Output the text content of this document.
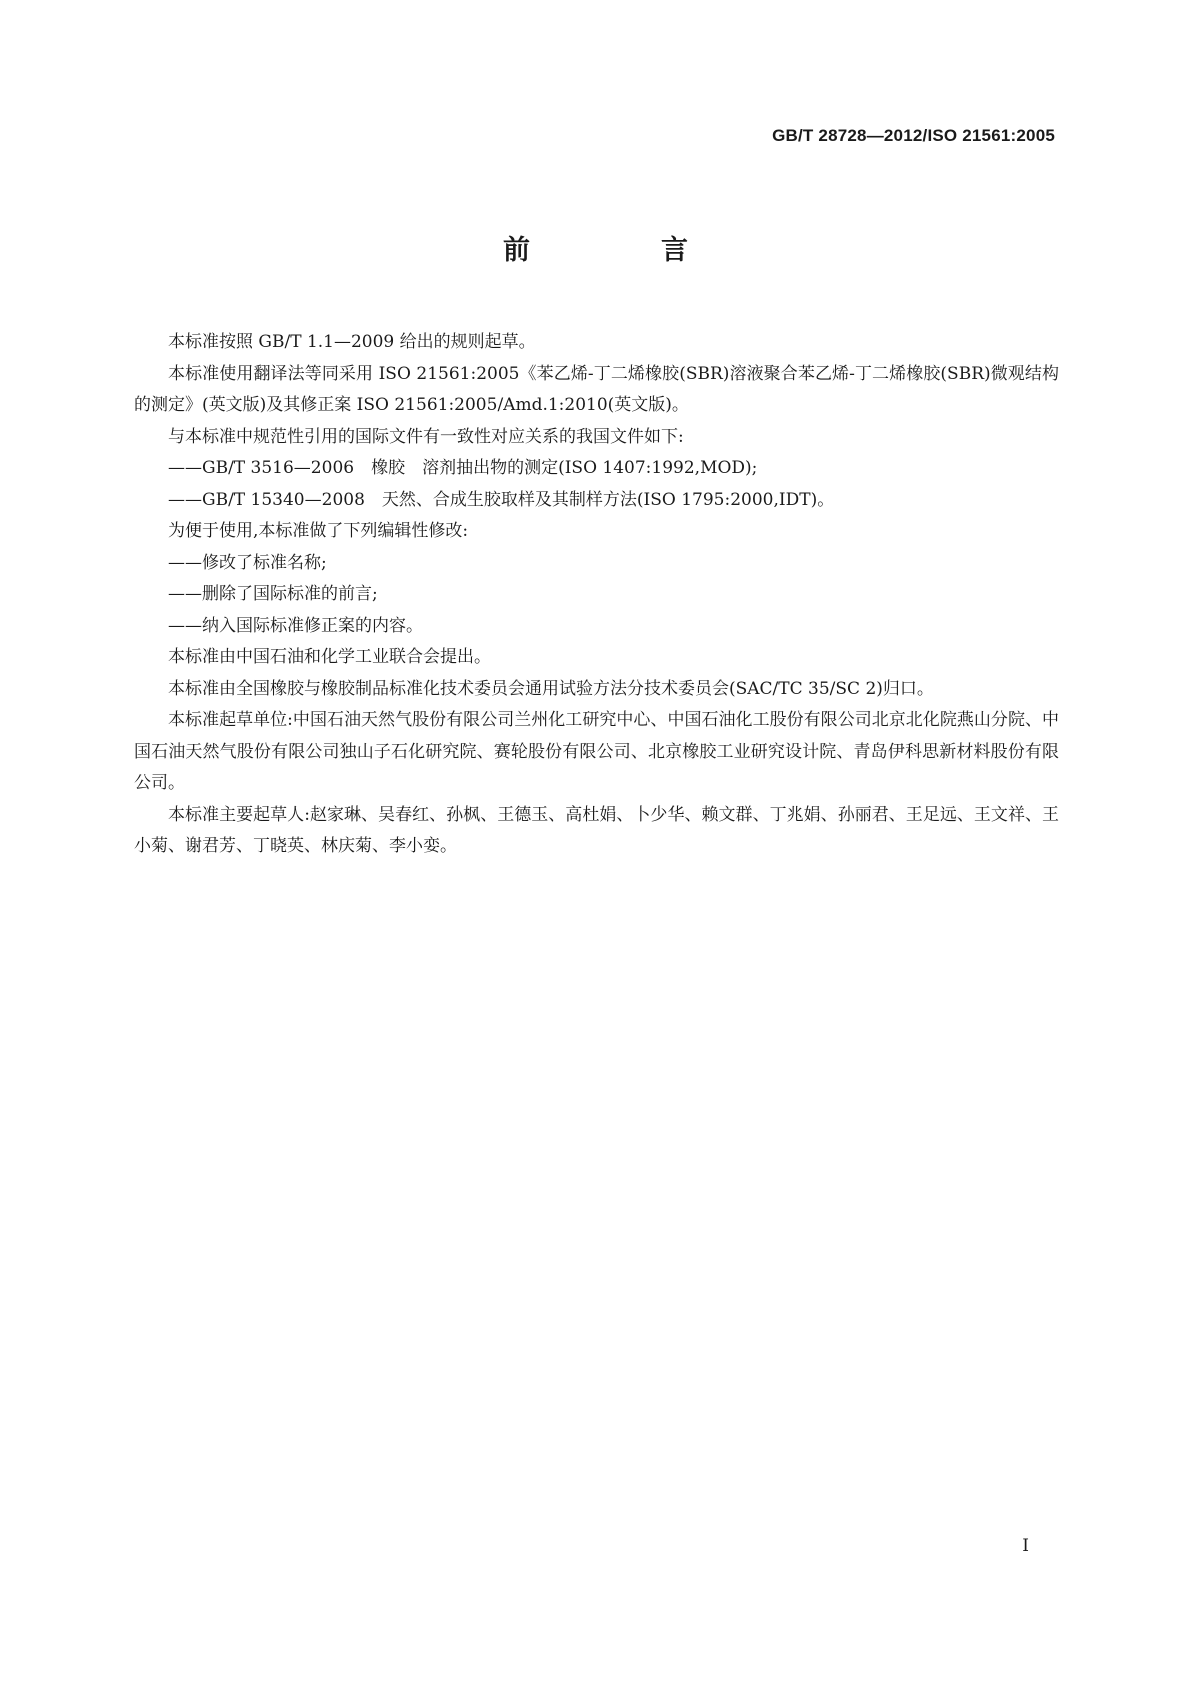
GB/T 28728—2012/ISO 21561:2005
前　言

本标准按照 GB/T 1.1—2009 给出的规则起草。

本标准使用翻译法等同采用 ISO 21561:2005《苯乙烯-丁二烯橡胶(SBR)溶液聚合苯乙烯-丁二烯橡胶(SBR)微观结构的测定》(英文版)及其修正案 ISO 21561:2005/Amd.1:2010(英文版)。

与本标准中规范性引用的国际文件有一致性对应关系的我国文件如下:

——GB/T 3516—2006　橡胶　溶剂抽出物的测定(ISO 1407:1992,MOD);

——GB/T 15340—2008　天然、合成生胶取样及其制样方法(ISO 1795:2000,IDT)。

为便于使用,本标准做了下列编辑性修改:

——修改了标准名称;

——删除了国际标准的前言;

——纳入国际标准修正案的内容。

本标准由中国石油和化学工业联合会提出。

本标准由全国橡胶与橡胶制品标准化技术委员会通用试验方法分技术委员会(SAC/TC 35/SC 2)归口。

本标准起草单位:中国石油天然气股份有限公司兰州化工研究中心、中国石油化工股份有限公司北京北化院燕山分院、中国石油天然气股份有限公司独山子石化研究院、赛轮股份有限公司、北京橡胶工业研究设计院、青岛伊科思新材料股份有限公司。

本标准主要起草人:赵家琳、吴春红、孙枫、王德玉、高杜娟、卜少华、赖文群、丁兆娟、孙丽君、王足远、王文祥、王小菊、谢君芳、丁晓英、林庆菊、李小娈。

I
